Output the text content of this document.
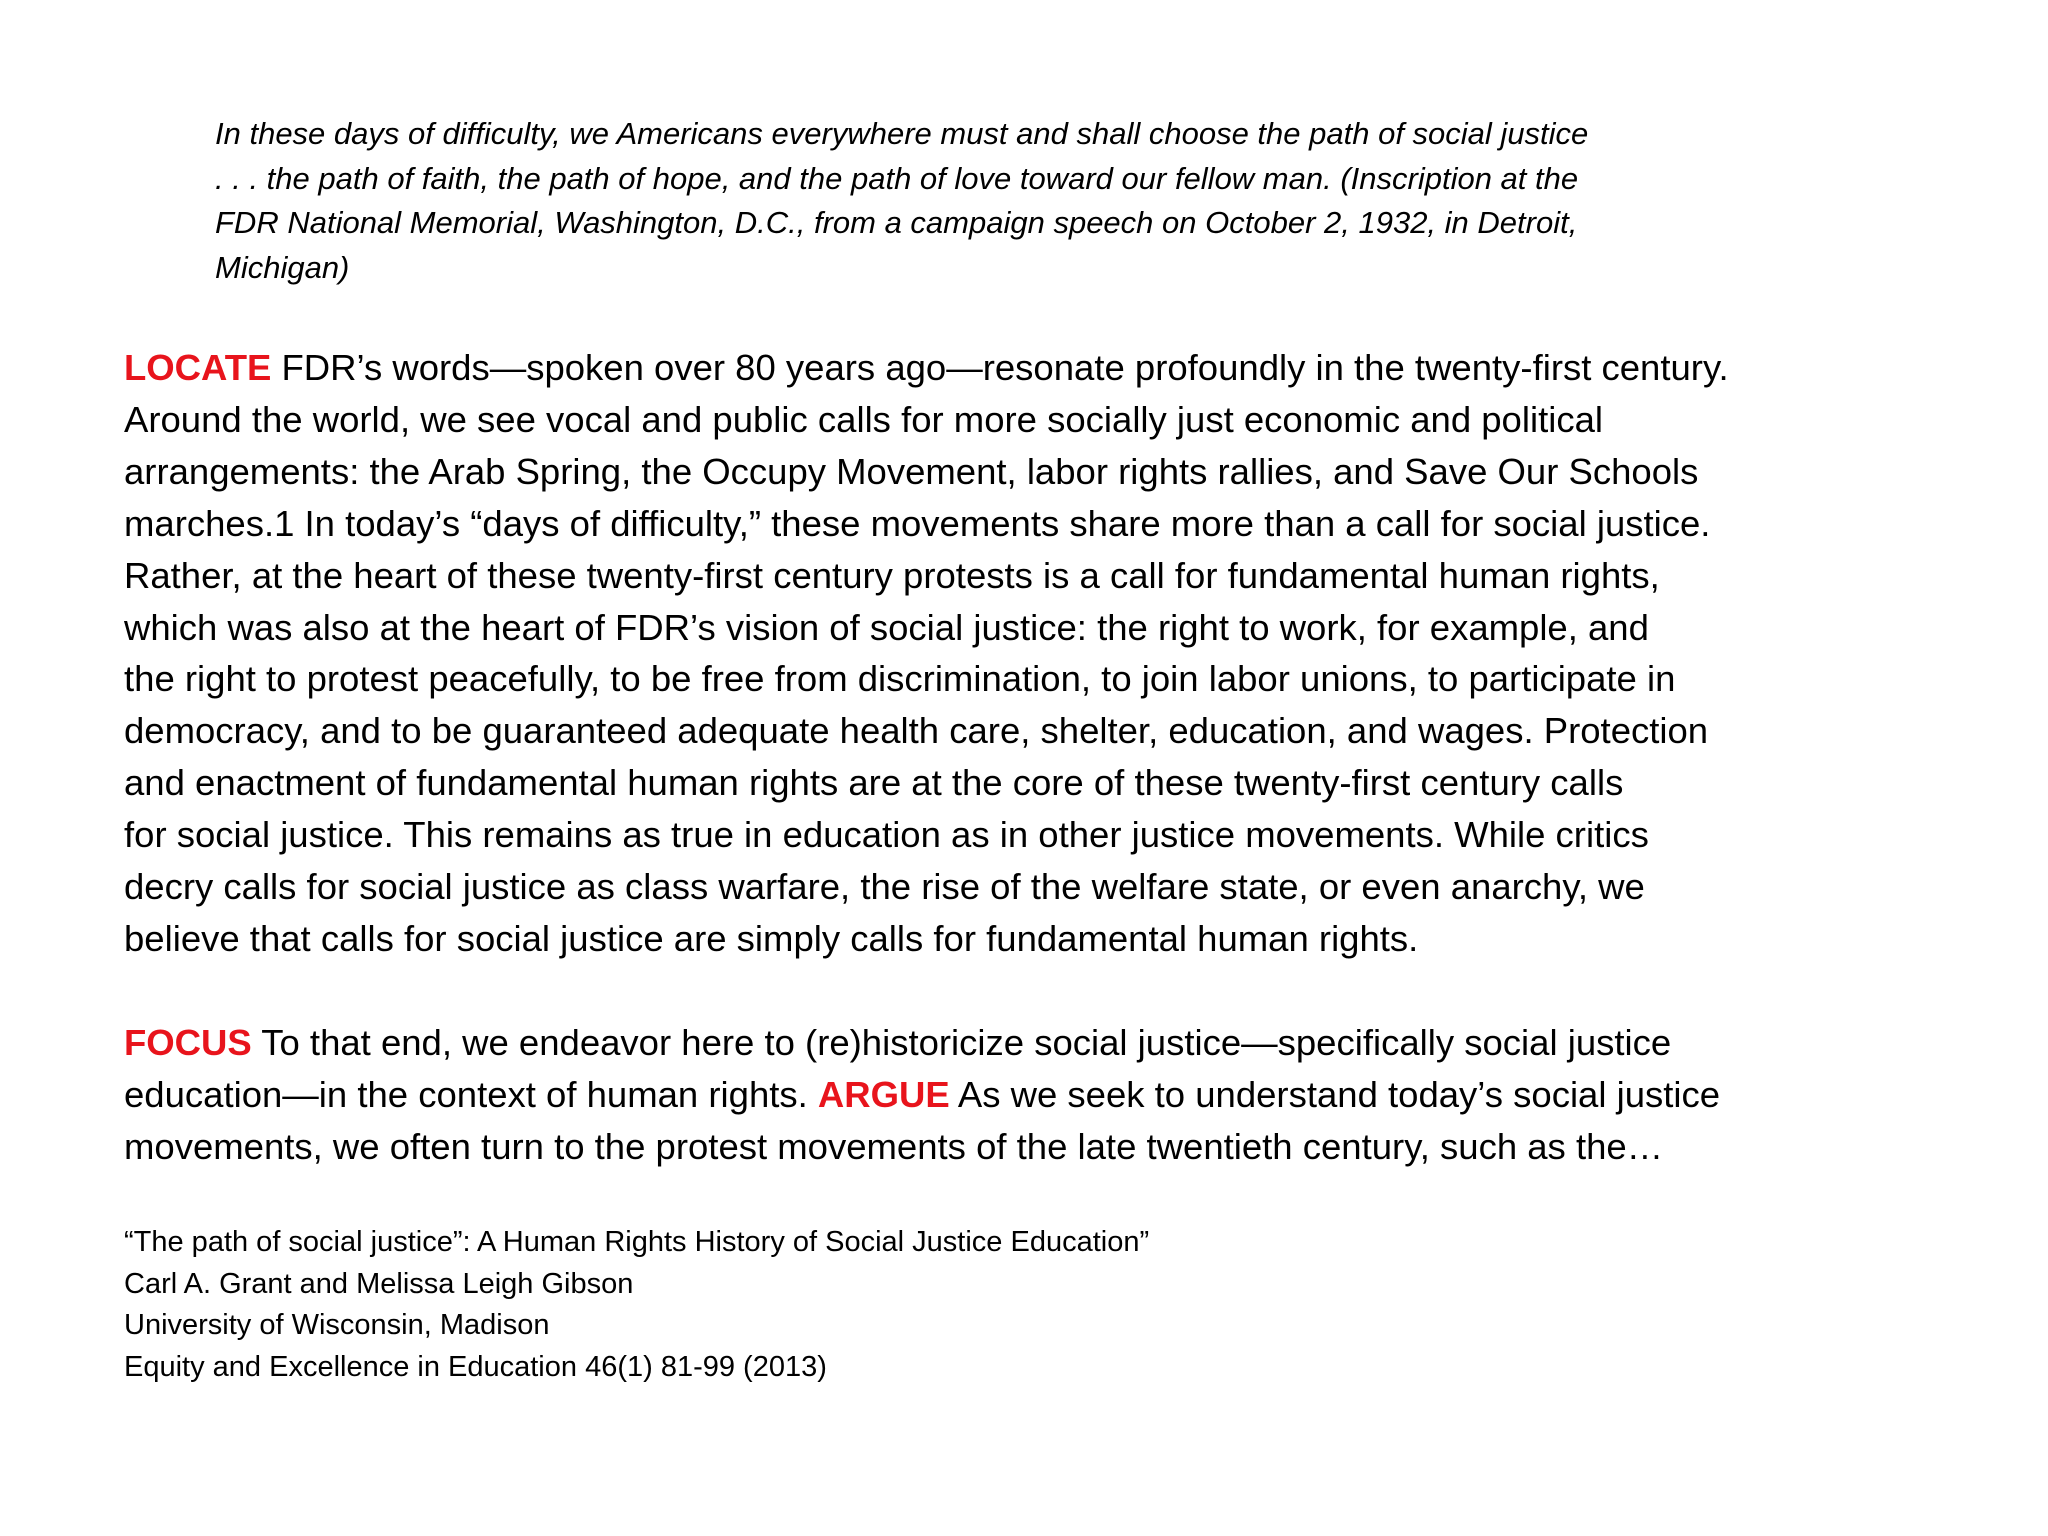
In these days of difficulty, we Americans everywhere must and shall choose the path of social justice
. . . the path of faith, the path of hope, and the path of love toward our fellow man. (Inscription at the
FDR National Memorial, Washington, D.C., from a campaign speech on October 2, 1932, in Detroit,
Michigan)
LOCATE FDR’s words—spoken over 80 years ago—resonate profoundly in the twenty-first century.
Around the world, we see vocal and public calls for more socially just economic and political
arrangements: the Arab Spring, the Occupy Movement, labor rights rallies, and Save Our Schools
marches.1 In today’s “days of difficulty,” these movements share more than a call for social justice.
Rather, at the heart of these twenty-first century protests is a call for fundamental human rights,
which was also at the heart of FDR’s vision of social justice: the right to work, for example, and
the right to protest peacefully, to be free from discrimination, to join labor unions, to participate in
democracy, and to be guaranteed adequate health care, shelter, education, and wages. Protection
and enactment of fundamental human rights are at the core of these twenty-first century calls
for social justice. This remains as true in education as in other justice movements. While critics
decry calls for social justice as class warfare, the rise of the welfare state, or even anarchy, we
believe that calls for social justice are simply calls for fundamental human rights.
FOCUS To that end, we endeavor here to (re)historicize social justice—specifically social justice
education—in the context of human rights. ARGUE As we seek to understand today’s social justice
movements, we often turn to the protest movements of the late twentieth century, such as the…
“The path of social justice”: A Human Rights History of Social Justice Education”
Carl A. Grant and Melissa Leigh Gibson
University of Wisconsin, Madison
Equity and Excellence in Education 46(1) 81-99 (2013)
